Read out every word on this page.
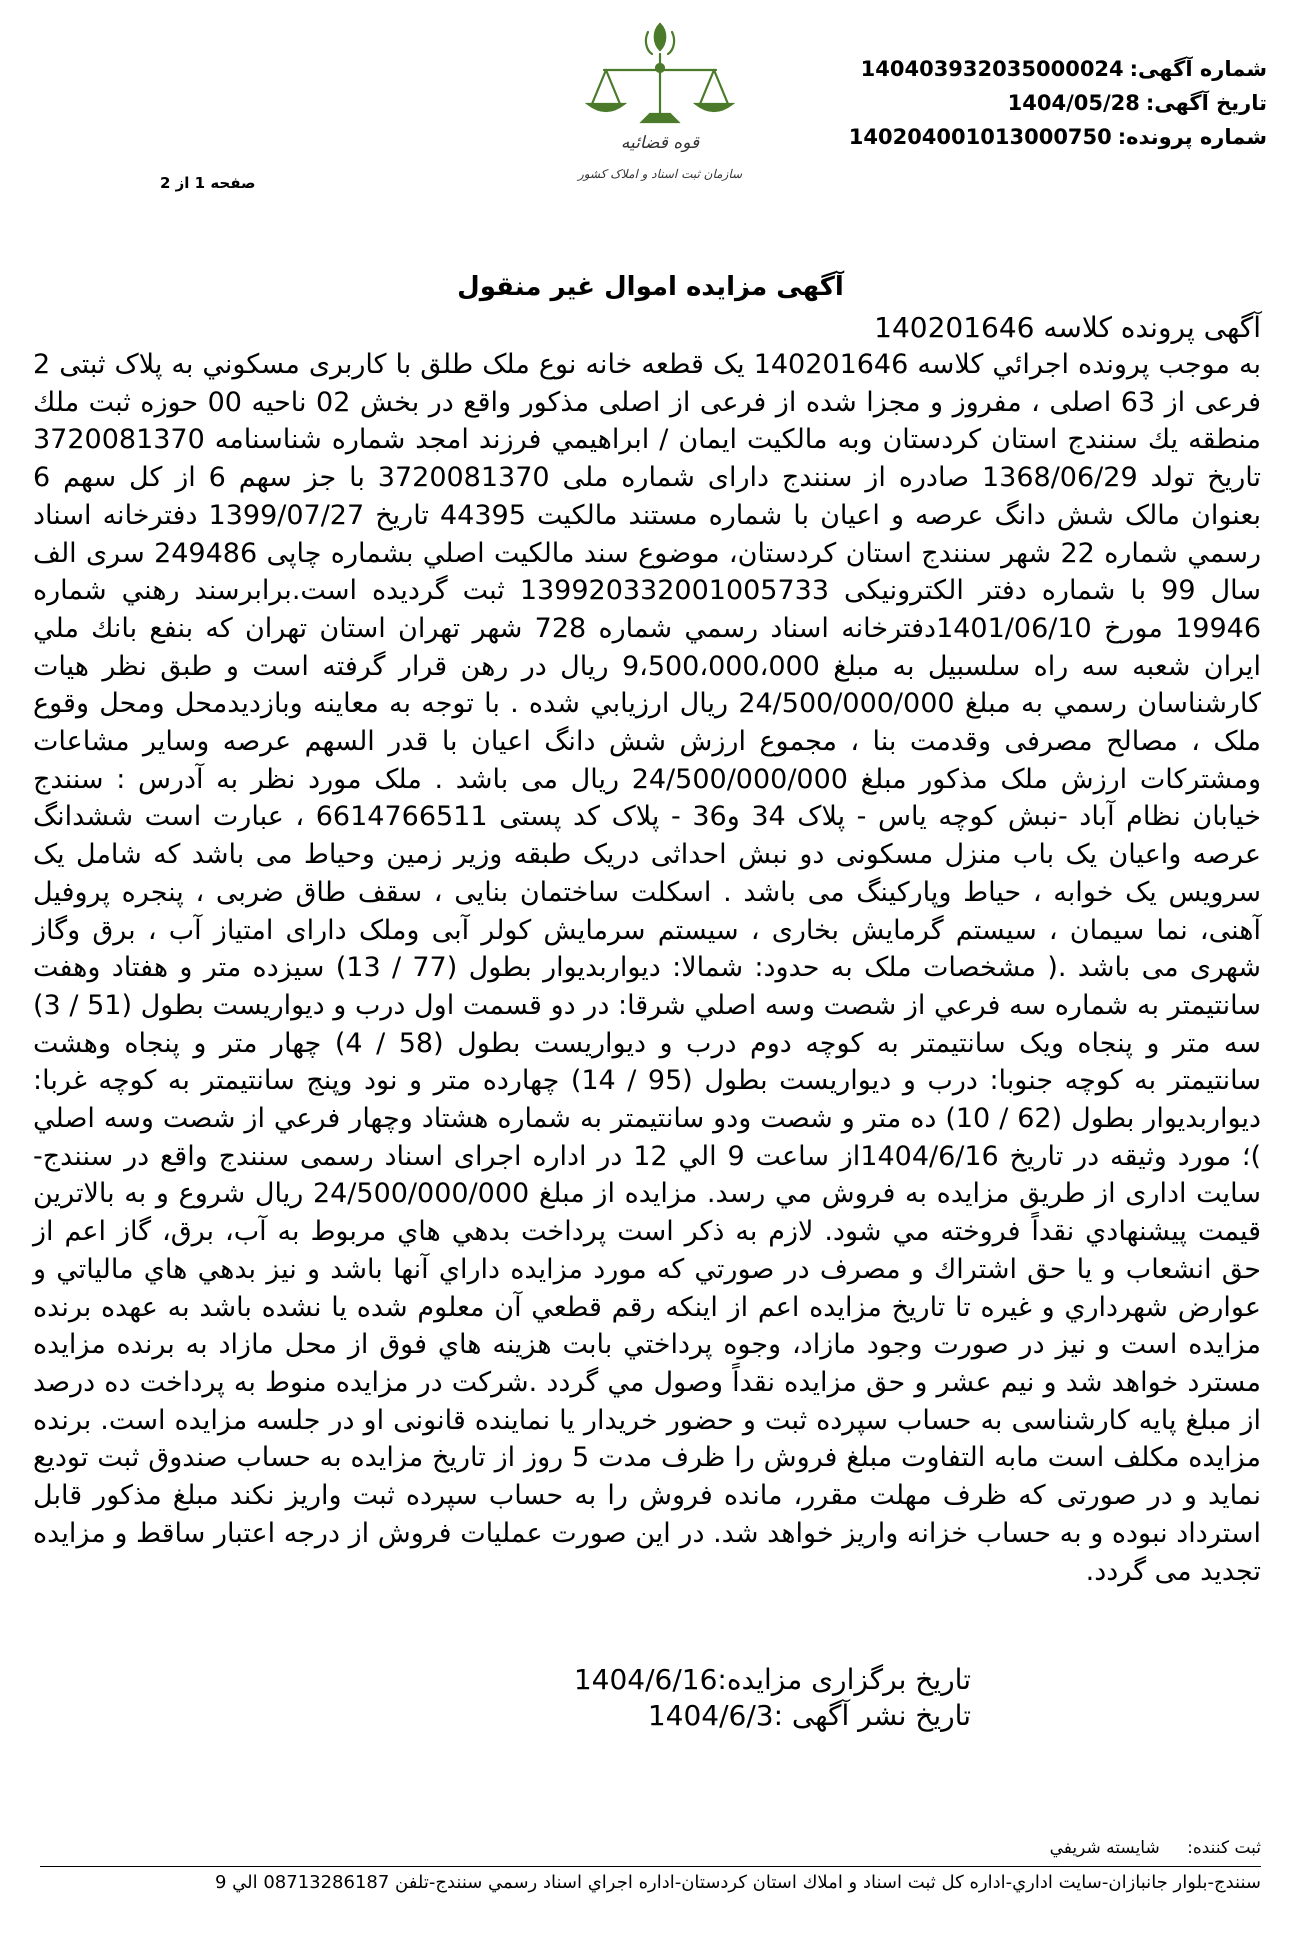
شماره آگهی:
140403932035000024
تاریخ آگهی:
1404/05/28
شماره پرونده:
140204001013000750
قوه قضائیه
سازمان ثبت اسناد و املاک کشور
صفحه 1 از 2
آگهی مزایده اموال غیر منقول
آگهی پرونده کلاسه 140201646
به موجب پرونده اجرائي كلاسه 140201646 يک قطعه خانه نوع ملک طلق با كاربری مسكوني به پلاک ثبتی 2 فرعی از 63 اصلی ، مفروز و مجزا شده از فرعی از اصلی مذکور واقع در بخش 02 ناحيه 00 حوزه ثبت ملك منطقه يك سنندج استان كردستان وبه مالكيت ايمان / ابراهيمي فرزند امجد شماره شناسنامه 3720081370 تاریخ تولد 1368/06/29 صادره از سنندج دارای شماره ملی 3720081370 با جز سهم 6 از کل سهم 6 بعنوان مالک شش دانگ عرصه و اعیان با شماره مستند مالکیت 44395 تاریخ 1399/07/27 دفترخانه اسناد رسمي شماره 22 شهر سنندج استان كردستان، موضوع سند مالکیت اصلي بشماره چاپی 249486 سری الف سال 99 با شماره دفتر الکترونیکی 139920332001005733 ثبت گردیده است.برابرسند رهني شماره 19946 مورخ 1401/06/10دفترخانه اسناد رسمي شماره 728 شهر تهران استان تهران که بنفع بانك ملي ايران شعبه سه راه سلسبيل به مبلغ 9،500،000،000 ریال در رهن قرار گرفته است و طبق نظر هيات كارشناسان رسمي به مبلغ 24/500/000/000 ريال ارزيابي شده . با توجه به معاينه وبازديدمحل ومحل وقوع ملک ، مصالح مصرفی وقدمت بنا ، مجموع ارزش شش دانگ اعیان با قدر السهم عرصه وسایر مشاعات ومشترکات ارزش ملک مذکور مبلغ 24/500/000/000 ریال می باشد . ملک مورد نظر به آدرس : سنندج خیابان نظام آباد -نبش کوچه یاس - پلاک 34 و36 - پلاک کد پستی 6614766511 ، عبارت است ششدانگ عرصه واعیان یک باب منزل مسکونی دو نبش احداثی دریک طبقه وزیر زمین وحیاط می باشد که شامل یک سرویس یک خوابه ، حیاط وپارکینگ می باشد . اسکلت ساختمان بنایی ، سقف طاق ضربی ، پنجره پروفیل آهنی، نما سیمان ، سیستم گرمایش بخاری ، سیستم سرمایش کولر آبی وملک دارای امتیاز آب ، برق وگاز شهری می باشد .( مشخصات ملک به حدود: شمالا: دیواربدیوار بطول (77 / 13) سیزده متر و هفتاد وهفت سانتیمتر به شماره سه فرعي از شصت وسه اصلي شرقا: در دو قسمت اول درب و دیواریست بطول (51 / 3) سه متر و پنجاه ویک سانتیمتر به کوچه دوم درب و دیواریست بطول (58 / 4) چهار متر و پنجاه وهشت سانتیمتر به کوچه جنوبا: درب و دیواریست بطول (95 / 14) چهارده متر و نود وپنج سانتیمتر به کوچه غربا: دیواربدیوار بطول (62 / 10) ده متر و شصت ودو سانتیمتر به شماره هشتاد وچهار فرعي از شصت وسه اصلي )؛ مورد وثیقه در تاریخ 1404/6/16از ساعت 9 الي 12 در اداره اجرای اسناد رسمی سنندج واقع در سنندج-سایت اداری از طریق مزایده به فروش مي رسد. مزايده از مبلغ 24/500/000/000 ریال شروع و به بالاترين قيمت پيشنهادي نقداً فروخته مي شود. لازم به ذكر است پرداخت بدهي هاي مربوط به آب، برق، گاز اعم از حق انشعاب و يا حق اشتراك و مصرف در صورتي كه مورد مزايده داراي آنها باشد و نيز بدهي هاي مالياتي و عوارض شهرداري و غيره تا تاريخ مزايده اعم از اينكه رقم قطعي آن معلوم شده يا نشده باشد به عهده برنده مزايده است و نيز در صورت وجود مازاد، وجوه پرداختي بابت هزينه هاي فوق از محل مازاد به برنده مزايده مسترد خواهد شد و نیم عشر و حق مزایده نقداً وصول مي گردد .شرکت در مزایده منوط به پرداخت ده درصد از مبلغ پایه کارشناسی به حساب سپرده ثبت و حضور خریدار یا نماینده قانونی او در جلسه مزایده است. برنده مزایده مکلف است مابه التفاوت مبلغ فروش را ظرف مدت 5 روز از تاریخ مزایده به حساب صندوق ثبت تودیع نماید و در صورتی که ظرف مهلت مقرر، مانده فروش را به حساب سپرده ثبت واریز نکند مبلغ مذکور قابل استرداد نبوده و به حساب خزانه واریز خواهد شد. در این صورت عملیات فروش از درجه اعتبار ساقط و مزایده تجدید می گردد.
تاریخ برگزاری مزایده:1404/6/16
تاریخ نشر آگهی :1404/6/3
ثبت کننده: شایسته شریفي
سنندج-بلوار جانبازان-سایت اداري-اداره کل ثبت اسناد و املاك استان كردستان-اداره اجراي اسناد رسمي سنندج-تلفن 08713286187 الي 9
